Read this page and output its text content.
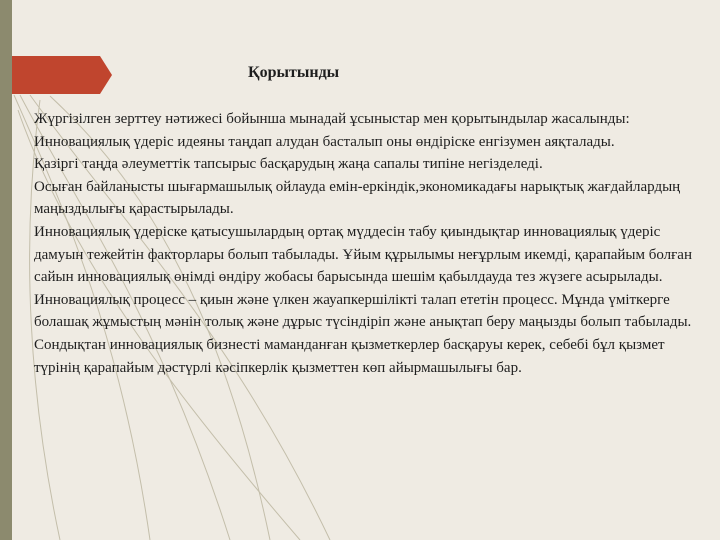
Қорытынды

Жүргізілген зерттеу нәтижесі бойынша мынадай ұсыныстар мен қорытындылар жасалынды:

Инновациялық үдеріс идеяны таңдап алудан басталып оны өндіріске енгізумен аяқталады.

Қазіргі таңда әлеуметтік тапсырыс басқарудың жаңа сапалы типіне негізделеді.

Осыған байланысты шығармашылық ойлауда емін-еркіндік,экономикадағы нарықтық жағдайлардың маңыздылығы қарастырылады.

Инновациялық үдеріске қатысушылардың ортақ мүддесін табу қиындықтар инновациялық үдеріс дамуын тежейтін факторлары болып табылады. Ұйым құрылымы неғұрлым икемді, қарапайым болған сайын инновациялық өнімді өндіру жобасы барысында шешім қабылдауда тез жүзеге асырылады.

Инновациялық процесс – қиын және үлкен жауапкершілікті талап ететін процесс. Мұнда үміткерге болашақ жұмыстың мәнін толық және дұрыс түсіндіріп және анықтап беру маңызды болып табылады.

Сондықтан инновациялық бизнесті маманданған қызметкерлер басқаруы керек, себебі бұл қызмет түрінің қарапайым дәстүрлі кәсіпкерлік қызметтен көп айырмашылығы бар.
